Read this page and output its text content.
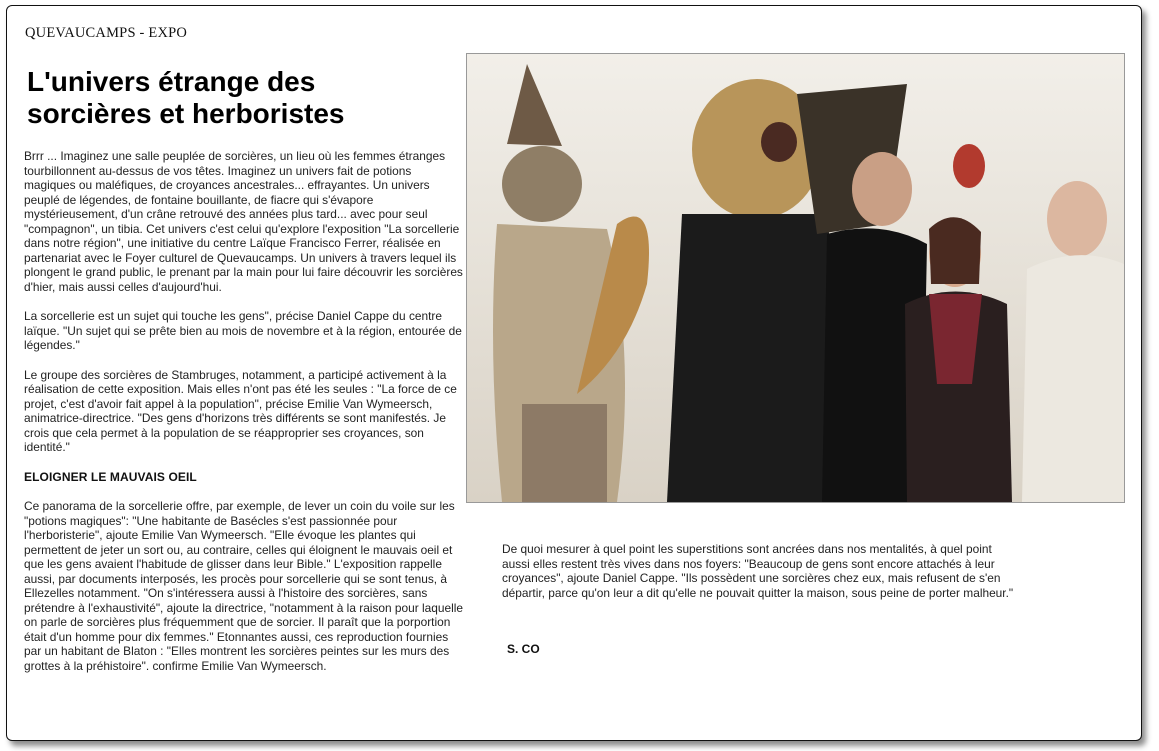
QUEVAUCAMPS - EXPO
L'univers étrange des sorcières et herboristes

Brrr ... Imaginez une salle peuplée de sorcières, un lieu où les femmes étranges tourbillonnent au-dessus de vos têtes. Imaginez un univers fait de potions magiques ou maléfiques, de croyances ancestrales... effrayantes. Un univers peuplé de légendes, de fontaine bouillante, de fiacre qui s'évapore mystérieusement, d'un crâne retrouvé des années plus tard... avec pour seul "compagnon", un tibia. Cet univers c'est celui qu'explore l'exposition "La sorcellerie dans notre région", une initiative du centre Laïque Francisco Ferrer, réalisée en partenariat avec le Foyer culturel de Quevaucamps. Un univers à travers lequel ils plongent le grand public, le prenant par la main pour lui faire découvrir les sorcières d'hier, mais aussi celles d'aujourd'hui.

La sorcellerie est un sujet qui touche les gens", précise Daniel Cappe du centre laïque. "Un sujet qui se prête bien au mois de novembre et à la région, entourée de légendes."

Le groupe des sorcières de Stambruges, notamment, a participé activement à la réalisation de cette exposition. Mais elles n'ont pas été les seules : "La force de ce projet, c'est d'avoir fait appel à la population", précise Emilie Van Wymeersch, animatrice-directrice. "Des gens d'horizons très différents se sont manifestés. Je crois que cela permet à la population de se réapproprier ses croyances, son identité."

ELOIGNER LE MAUVAIS OEIL

Ce panorama de la sorcellerie offre, par exemple, de lever un coin du voile sur les "potions magiques": "Une habitante de Basécles s'est passionnée pour l'herboristerie", ajoute Emilie Van Wymeersch. "Elle évoque les plantes qui permettent de jeter un sort ou, au contraire, celles qui éloignent le mauvais oeil et que les gens avaient l'habitude de glisser dans leur Bible." L'exposition rappelle aussi, par documents interposés, les procès pour sorcellerie qui se sont tenus, à Ellezelles notamment. "On s'intéressera aussi à l'histoire des sorcières, sans prétendre à l'exhaustivité", ajoute la directrice, "notamment à la raison pour laquelle on parle de sorcières plus fréquemment que de sorcier. Il paraît que la porportion était d'un homme pour dix femmes." Etonnantes aussi, ces reproduction fournies par un habitant de Blaton : "Elles montrent les sorcières peintes sur les murs des grottes à la préhistoire". confirme Emilie Van Wymeersch.

De quoi mesurer à quel point les superstitions sont ancrées dans nos mentalités, à quel point aussi elles restent très vives dans nos foyers: "Beaucoup de gens sont encore attachés à leur croyances", ajoute Daniel Cappe. "Ils possèdent une sorcières chez eux, mais refusent de s'en départir, parce qu'on leur a dit qu'elle ne pouvait quitter la maison, sous peine de porter malheur."

S. CO
